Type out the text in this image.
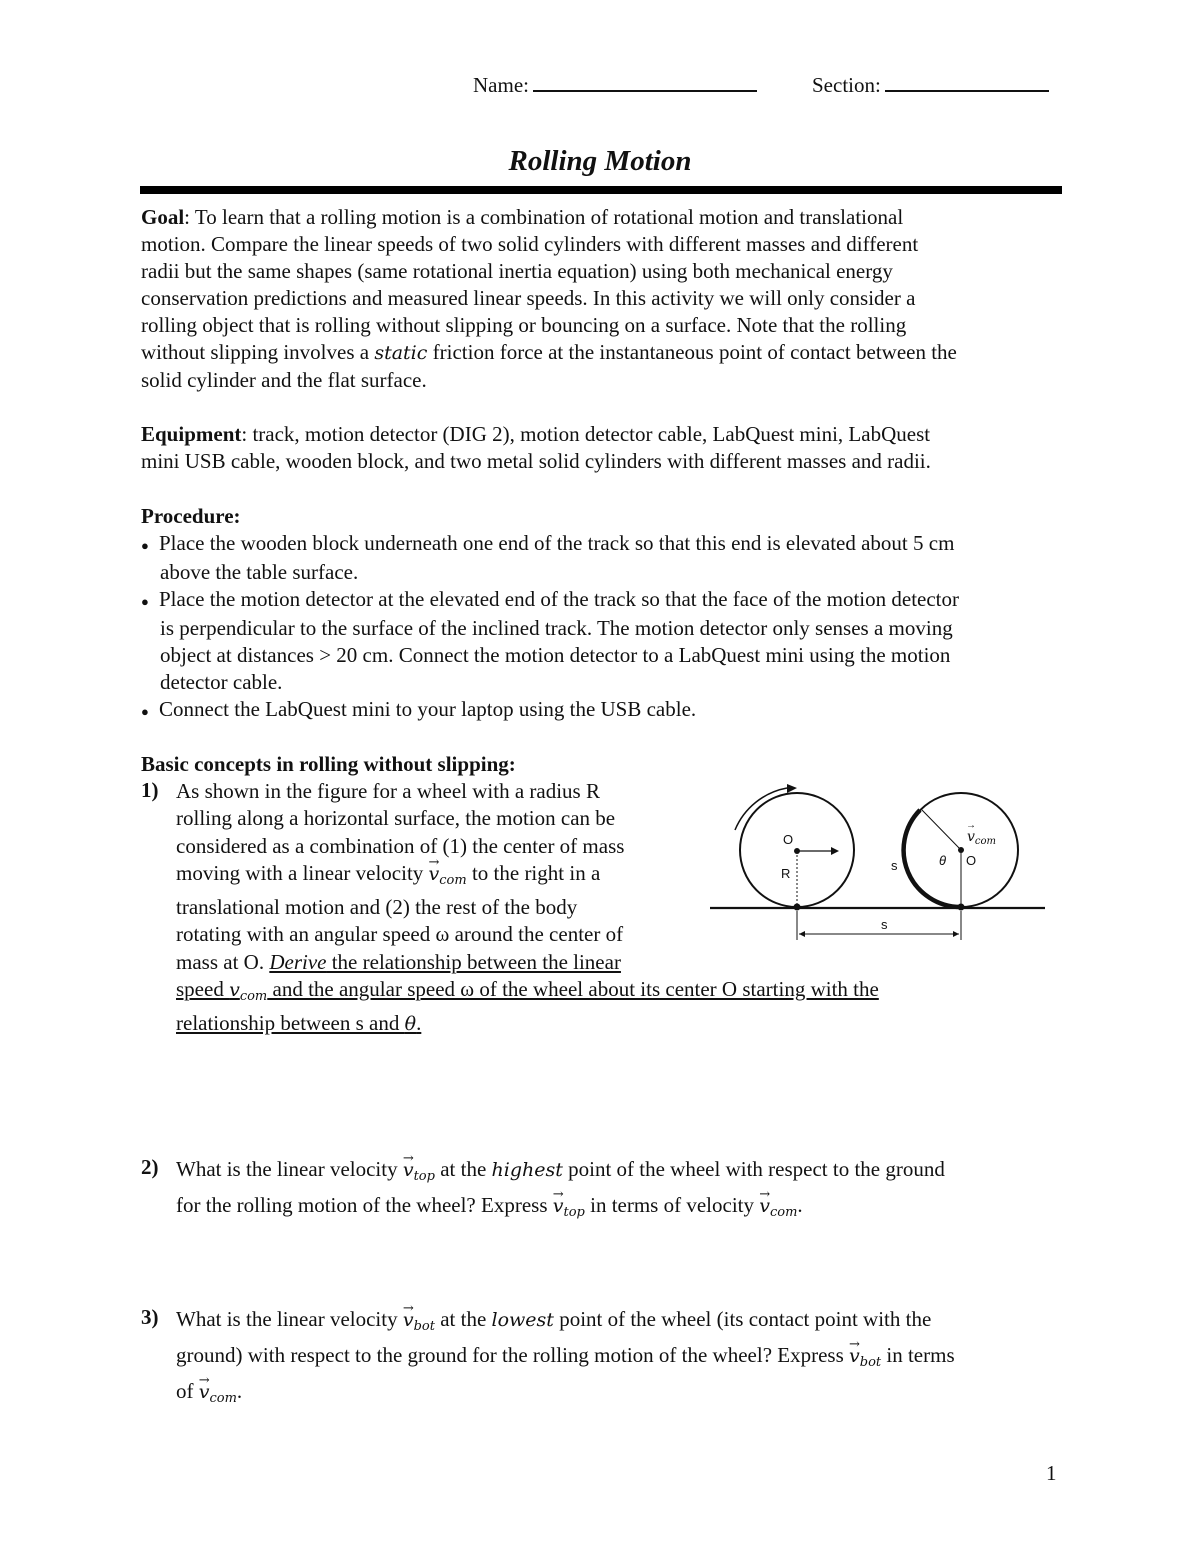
Name:	Section:
Rolling Motion
Goal: To learn that a rolling motion is a combination of rotational motion and translational
motion. Compare the linear speeds of two solid cylinders with different masses and different
radii but the same shapes (same rotational inertia equation) using both mechanical energy
conservation predictions and measured linear speeds. In this activity we will only consider a
rolling object that is rolling without slipping or bouncing on a surface. Note that the rolling
without slipping involves a static friction force at the instantaneous point of contact between the
solid cylinder and the flat surface.
Equipment: track, motion detector (DIG 2), motion detector cable, LabQuest mini, LabQuest
mini USB cable, wooden block, and two metal solid cylinders with different masses and radii.
Procedure:
● Place the wooden block underneath one end of the track so that this end is elevated about 5 cm
above the table surface.
● Place the motion detector at the elevated end of the track so that the face of the motion detector
is perpendicular to the surface of the inclined track. The motion detector only senses a moving
object at distances > 20 cm. Connect the motion detector to a LabQuest mini using the motion
detector cable.
● Connect the LabQuest mini to your laptop using the USB cable.
Basic concepts in rolling without slipping:
1) As shown in the figure for a wheel with a radius R
rolling along a horizontal surface, the motion can be
considered as a combination of (1) the center of mass
moving with a linear velocity → $v_{com}$ to the right in a
translational motion and (2) the rest of the body
rotating with an angular speed ω around the center of
mass at O. Derive the relationship between the linear
speed $v_{com}$ and the angular speed ω of the wheel about its center O starting with the
relationship between s and θ.
O
R
s	θ O
$v_{com}$
→
s
2) What is the linear velocity → $v_{top}$ at the highest point of the wheel with respect to the ground
for the rolling motion of the wheel? Express → $v_{top}$ in terms of velocity → $v_{com}$.
3) What is the linear velocity → $v_{bot}$ at the lowest point of the wheel (its contact point with the
ground) with respect to the ground for the rolling motion of the wheel? Express → $v_{bot}$ in terms
of → $v_{com}$.
1
